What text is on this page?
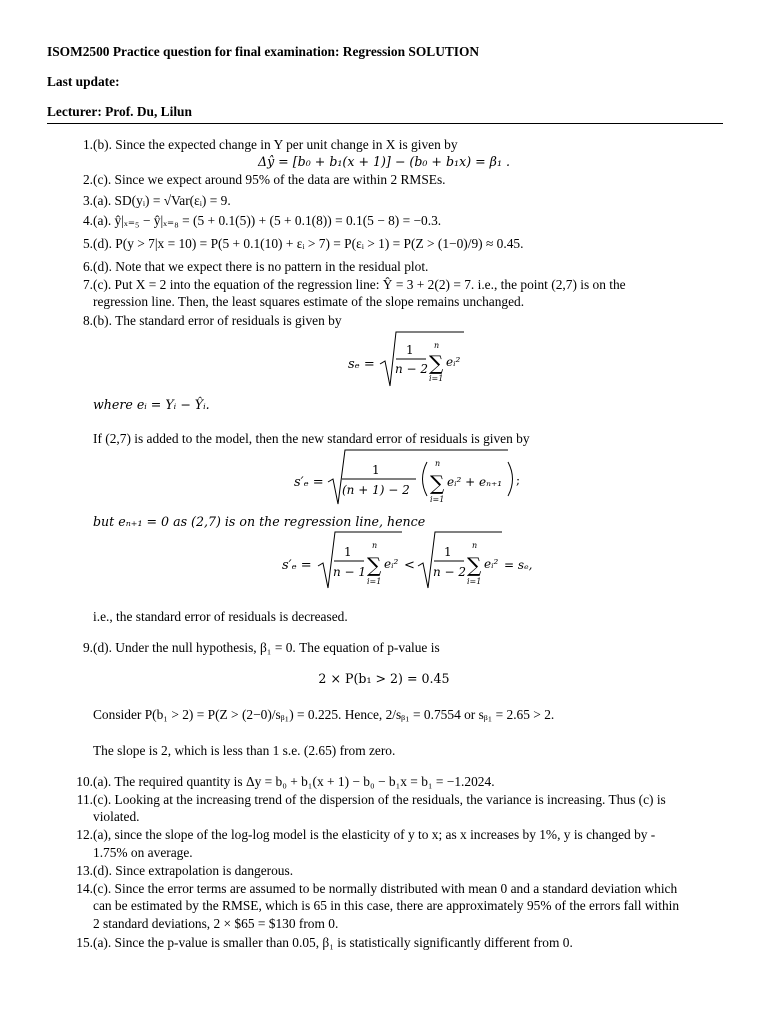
ISOM2500 Practice question for final examination: Regression SOLUTION
Last update:
Lecturer: Prof. Du, Lilun
1. (b). Since the expected change in Y per unit change in X is given by
Δŷ = [b₀ + b₁(x + 1)] − (b₀ + b₁x) = β₁ .
2. (c). Since we expect around 95% of the data are within 2 RMSEs.
3. (a). SD(yᵢ) = √Var(εᵢ) = 9.
4. (a). ŷ|ₓ₌₅ − ŷ|ₓ₌₈ = (5 + 0.1(5)) + (5 + 0.1(8)) = 0.1(5 − 8) = −0.3.
5. (d). P(y > 7|x = 10) = P(5 + 0.1(10) + εᵢ > 7) = P(εᵢ > 1) = P(Z > (1−0)/9) ≈ 0.45.
6. (d). Note that we expect there is no pattern in the residual plot.
7. (c). Put X = 2 into the equation of the regression line: Ŷ = 3 + 2(2) = 7. i.e., the point (2,7) is on the
regression line. Then, the least squares estimate of the slope remains unchanged.
8. (b). The standard error of residuals is given by
sₑ =
1
n − 2 ∑
n
i=1
eᵢ²
where eᵢ = Yᵢ − Ŷᵢ.
If (2,7) is added to the model, then the new standard error of residuals is given by
s′ₑ =
1
(n + 1) − 2 ∑
n
i=1
eᵢ² + eₙ₊₁ ;
but eₙ₊₁ = 0 as (2,7) is on the regression line, hence
s′ₑ =
1
n − 1 ∑
n
i=1
eᵢ² <
1
n − 2 ∑
n
i=1
eᵢ² = sₑ,
i.e., the standard error of residuals is decreased.
9. (d). Under the null hypothesis, β₁ = 0. The equation of p-value is
2 × P(b₁ > 2) = 0.45
Consider P(b₁ > 2) = P(Z > (2−0)/sᵦ₁) = 0.225. Hence, 2/sᵦ₁ = 0.7554 or sᵦ₁ = 2.65 > 2.
The slope is 2, which is less than 1 s.e. (2.65) from zero.
10. (a). The required quantity is Δy = b₀ + b₁(x + 1) − b₀ − b₁x = b₁ = −1.2024.
11. (c). Looking at the increasing trend of the dispersion of the residuals, the variance is increasing. Thus (c) is
violated.
12. (a), since the slope of the log-log model is the elasticity of y to x; as x increases by 1%, y is changed by -
1.75% on average.
13. (d). Since extrapolation is dangerous.
14. (c). Since the error terms are assumed to be normally distributed with mean 0 and a standard deviation which
can be estimated by the RMSE, which is 65 in this case, there are approximately 95% of the errors fall within
2 standard deviations, 2 × $65 = $130 from 0.
15. (a). Since the p-value is smaller than 0.05, β₁ is statistically significantly different from 0.
